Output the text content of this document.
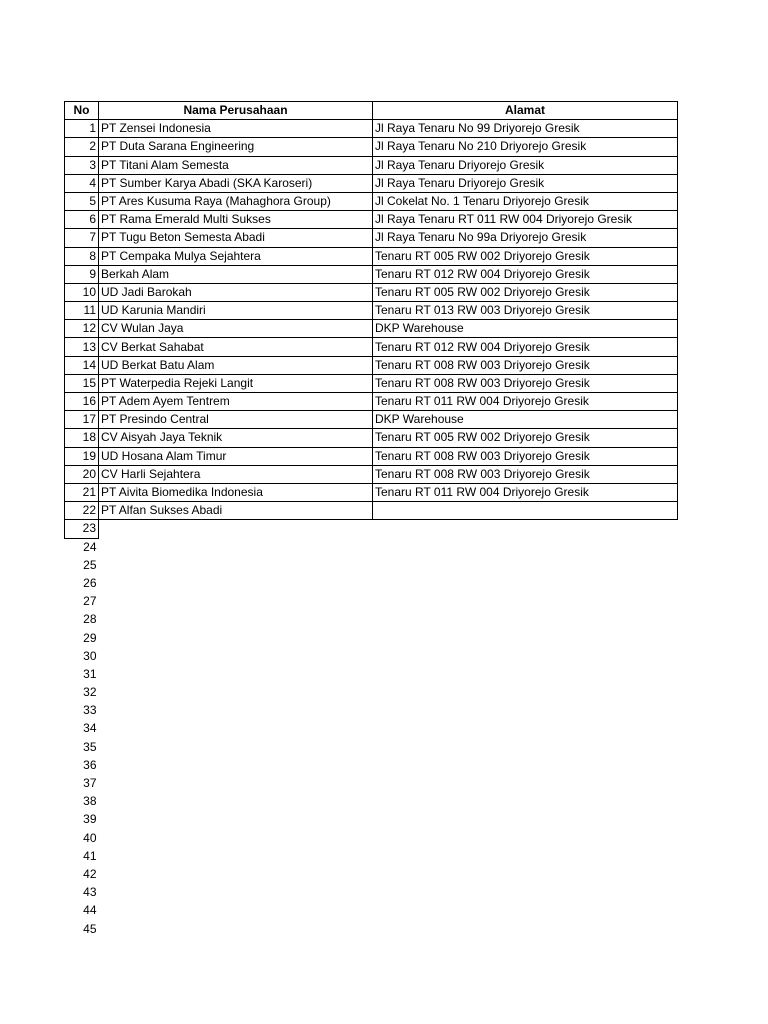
No	Nama Perusahaan	Alamat
1	PT Zensei Indonesia	Jl Raya Tenaru No 99 Driyorejo Gresik
2	PT Duta Sarana Engineering	Jl Raya Tenaru No 210 Driyorejo Gresik
3	PT Titani Alam Semesta	Jl Raya Tenaru Driyorejo Gresik
4	PT Sumber Karya Abadi (SKA Karoseri)	Jl Raya Tenaru Driyorejo Gresik
5	PT Ares Kusuma Raya (Mahaghora Group)	Jl Cokelat No. 1 Tenaru Driyorejo Gresik
6	PT Rama Emerald Multi Sukses	Jl Raya Tenaru RT 011 RW 004 Driyorejo Gresik
7	PT Tugu Beton Semesta Abadi	Jl Raya Tenaru No 99a Driyorejo Gresik
8	PT Cempaka Mulya Sejahtera	Tenaru RT 005 RW 002 Driyorejo Gresik
9	Berkah Alam	Tenaru RT 012 RW 004 Driyorejo Gresik
10	UD Jadi Barokah	Tenaru RT 005 RW 002 Driyorejo Gresik
11	UD Karunia Mandiri	Tenaru RT 013 RW 003 Driyorejo Gresik
12	CV Wulan Jaya	DKP Warehouse
13	CV Berkat Sahabat	Tenaru RT 012 RW 004 Driyorejo Gresik
14	UD Berkat Batu Alam	Tenaru RT 008 RW 003 Driyorejo Gresik
15	PT Waterpedia Rejeki Langit	Tenaru RT 008 RW 003 Driyorejo Gresik
16	PT Adem Ayem Tentrem	Tenaru RT 011 RW 004 Driyorejo Gresik
17	PT Presindo Central	DKP Warehouse
18	CV Aisyah Jaya Teknik	Tenaru RT 005 RW 002 Driyorejo Gresik
19	UD Hosana Alam Timur	Tenaru RT 008 RW 003 Driyorejo Gresik
20	CV Harli Sejahtera	Tenaru RT 008 RW 003 Driyorejo Gresik
21	PT Aivita Biomedika Indonesia	Tenaru RT 011 RW 004 Driyorejo Gresik
22	PT Alfan Sukses Abadi	
23		
24		
25		
26		
27		
28		
29		
30		
31		
32		
33		
34		
35		
36		
37		
38		
39		
40		
41		
42		
43		
44		
45		
